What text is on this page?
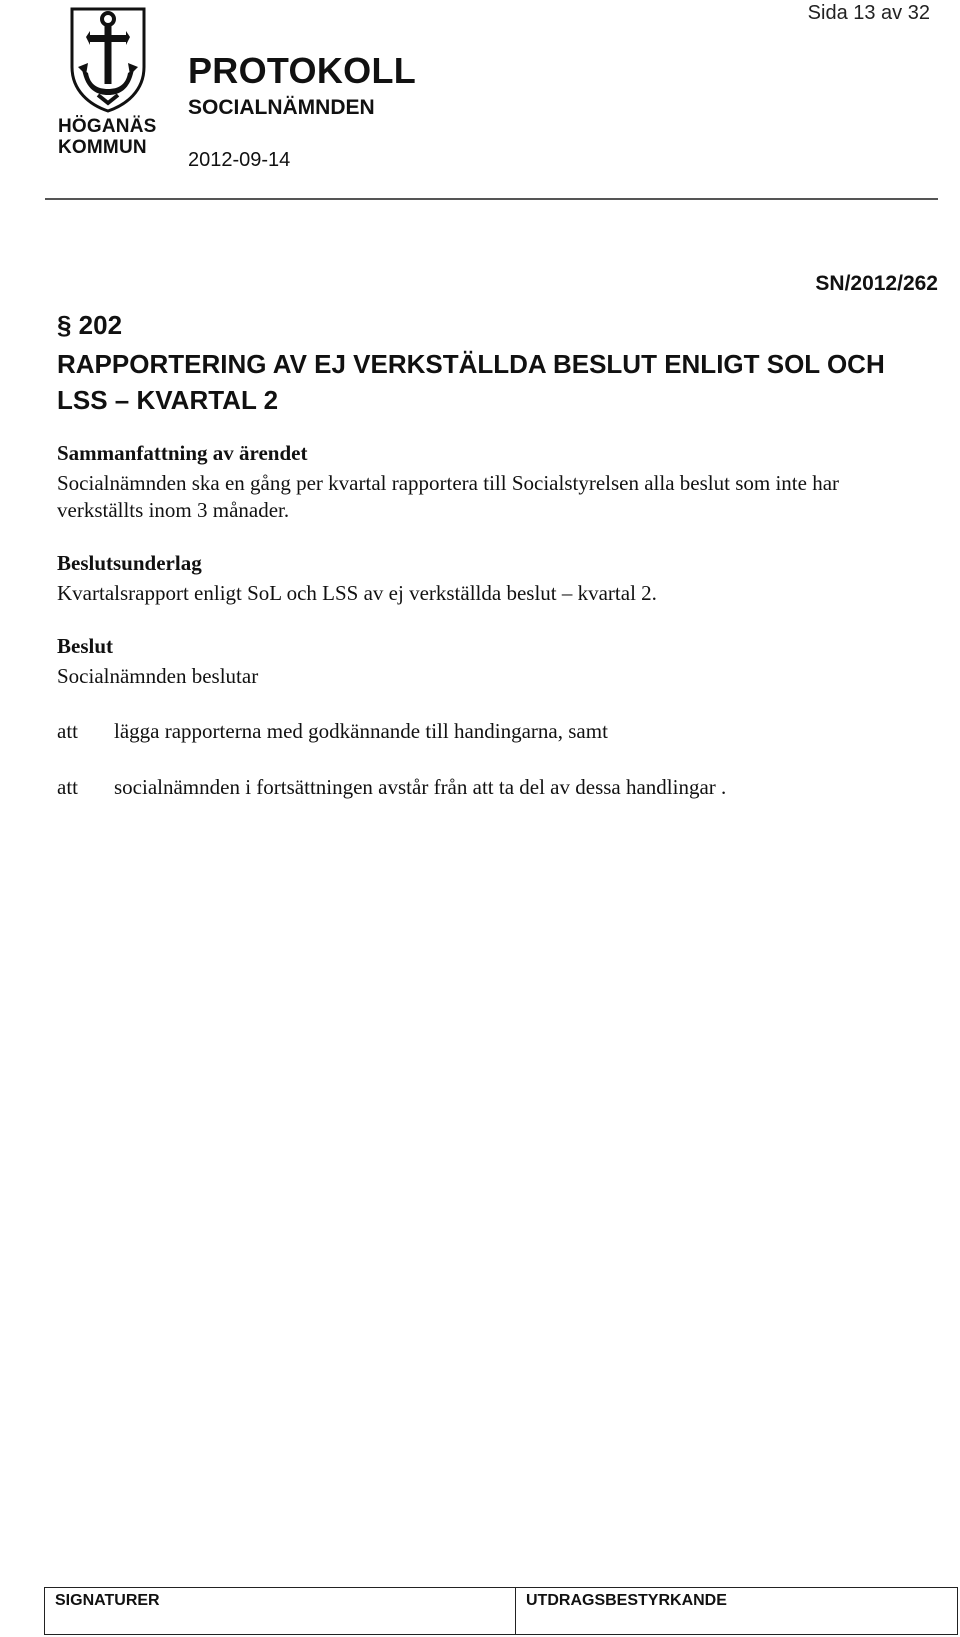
Sida 13 av 32
HÖGANÄS
KOMMUN
PROTOKOLL
SOCIALNÄMNDEN
2012-09-14
SN/2012/262
§ 202
RAPPORTERING AV EJ VERKSTÄLLDA BESLUT ENLIGT SOL OCH LSS – KVARTAL 2
Sammanfattning av ärendet
Socialnämnden ska en gång per kvartal rapportera till Socialstyrelsen alla beslut som inte har verkställts inom 3 månader.
Beslutsunderlag
Kvartalsrapport enligt SoL och LSS av ej verkställda beslut – kvartal 2.
Beslut
Socialnämnden beslutar
att lägga rapporterna med godkännande till handingarna, samt
att socialnämnden i fortsättningen avstår från att ta del av dessa handlingar .
SIGNATURER	UTDRAGSBESTYRKANDE
